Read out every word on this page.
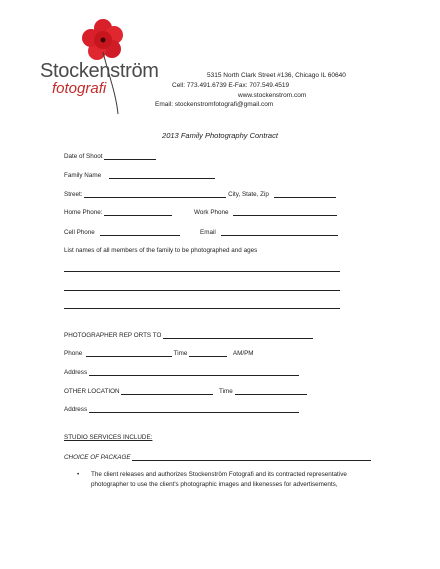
Stockenström
fotografi
5315 North Clark Street #136, Chicago IL 60640
Cell: 773.491.6739 E-Fax: 707.549.4519
www.stockenstrom.com
Email: stockenstromfotografi@gmail.com
2013 Family Photography Contract
Date of Shoot
Family Name
Street:	City, State, Zip
Home Phone:	Work Phone
Cell Phone	Email
List names of all members of the family to be photographed and ages
PHOTOGRAPHER REP ORTS TO
Phone	Time	AM/PM
Address
OTHER LOCATION	Time
Address
STUDIO SERVICES INCLUDE:
CHOICE OF PACKAGE
• The client releases and authorizes Stockenström Fotografi and its contracted representative
photographer to use the client's photographic images and likenesses for advertisements,
